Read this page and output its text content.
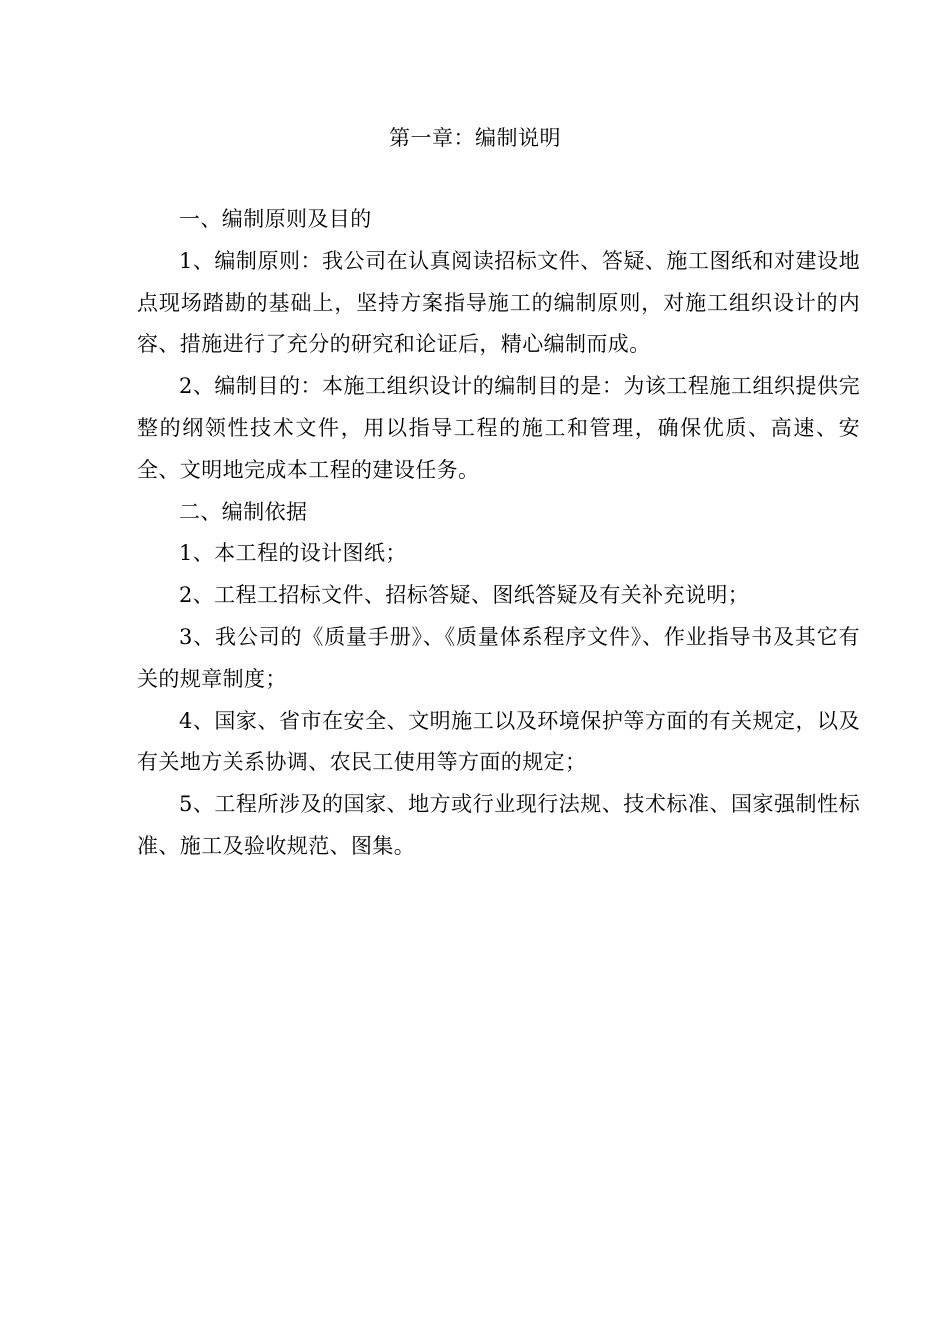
第一章：编制说明

一、编制原则及目的

1、编制原则：我公司在认真阅读招标文件、答疑、施工图纸和对建设地点现场踏勘的基础上，坚持方案指导施工的编制原则，对施工组织设计的内容、措施进行了充分的研究和论证后，精心编制而成。

2、编制目的：本施工组织设计的编制目的是：为该工程施工组织提供完整的纲领性技术文件，用以指导工程的施工和管理，确保优质、高速、安全、文明地完成本工程的建设任务。

二、编制依据

1、本工程的设计图纸；

2、工程工招标文件、招标答疑、图纸答疑及有关补充说明；

3、我公司的《质量手册》、《质量体系程序文件》、作业指导书及其它有关的规章制度；

4、国家、省市在安全、文明施工以及环境保护等方面的有关规定，以及有关地方关系协调、农民工使用等方面的规定；

5、工程所涉及的国家、地方或行业现行法规、技术标准、国家强制性标准、施工及验收规范、图集。
